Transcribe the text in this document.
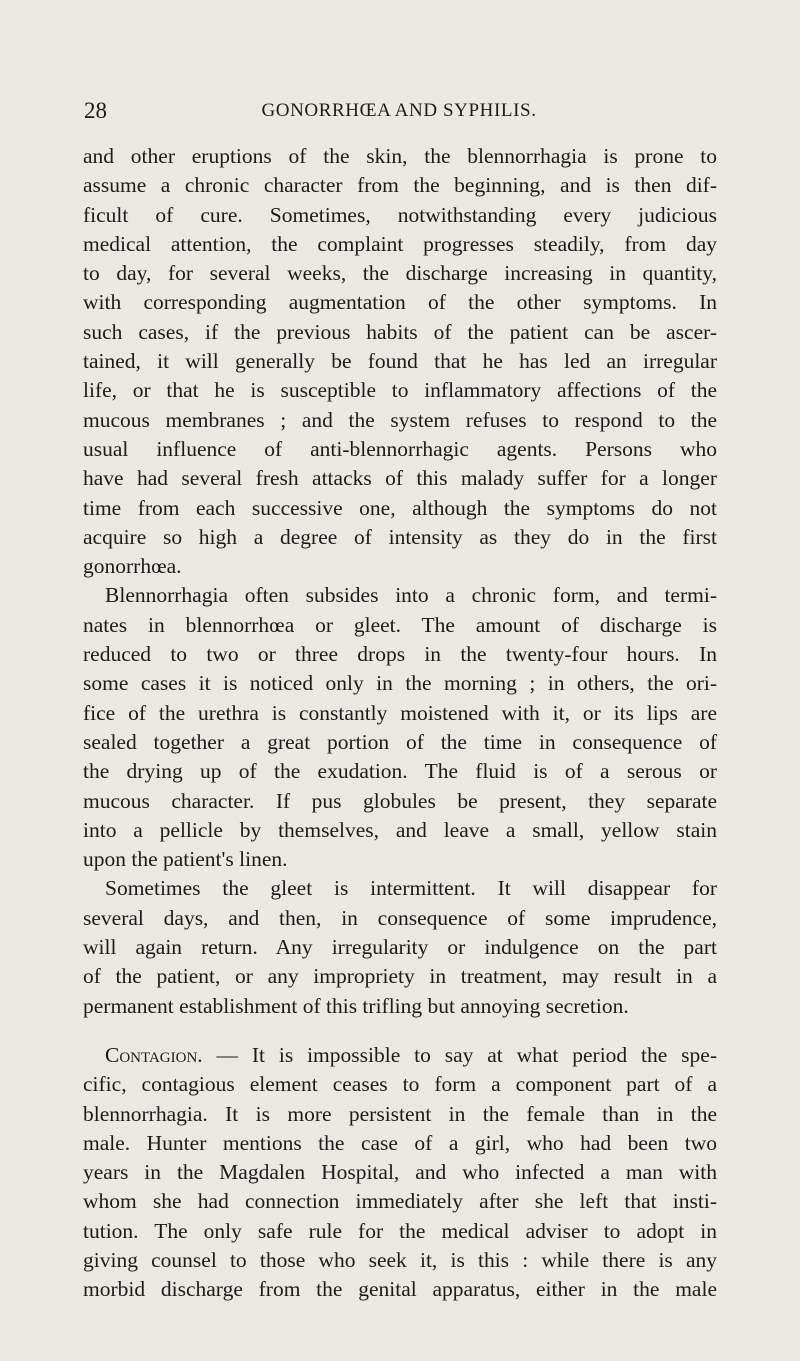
28	GONORRHŒA AND SYPHILIS.
and other eruptions of the skin, the blennorrhagia is prone to
assume a chronic character from the beginning, and is then dif-
ficult of cure. Sometimes, notwithstanding every judicious
medical attention, the complaint progresses steadily, from day
to day, for several weeks, the discharge increasing in quantity,
with corresponding augmentation of the other symptoms. In
such cases, if the previous habits of the patient can be ascer-
tained, it will generally be found that he has led an irregular
life, or that he is susceptible to inflammatory affections of the
mucous membranes ; and the system refuses to respond to the
usual influence of anti-blennorrhagic agents. Persons who
have had several fresh attacks of this malady suffer for a longer
time from each successive one, although the symptoms do not
acquire so high a degree of intensity as they do in the first
gonorrhœa.
Blennorrhagia often subsides into a chronic form, and termi-
nates in blennorrhœa or gleet. The amount of discharge is
reduced to two or three drops in the twenty-four hours. In
some cases it is noticed only in the morning ; in others, the ori-
fice of the urethra is constantly moistened with it, or its lips are
sealed together a great portion of the time in consequence of
the drying up of the exudation. The fluid is of a serous or
mucous character. If pus globules be present, they separate
into a pellicle by themselves, and leave a small, yellow stain
upon the patient's linen.
Sometimes the gleet is intermittent. It will disappear for
several days, and then, in consequence of some imprudence,
will again return. Any irregularity or indulgence on the part
of the patient, or any impropriety in treatment, may result in a
permanent establishment of this trifling but annoying secretion.
Contagion. — It is impossible to say at what period the spe-
cific, contagious element ceases to form a component part of a
blennorrhagia. It is more persistent in the female than in the
male. Hunter mentions the case of a girl, who had been two
years in the Magdalen Hospital, and who infected a man with
whom she had connection immediately after she left that insti-
tution. The only safe rule for the medical adviser to adopt in
giving counsel to those who seek it, is this : while there is any
morbid discharge from the genital apparatus, either in the male
